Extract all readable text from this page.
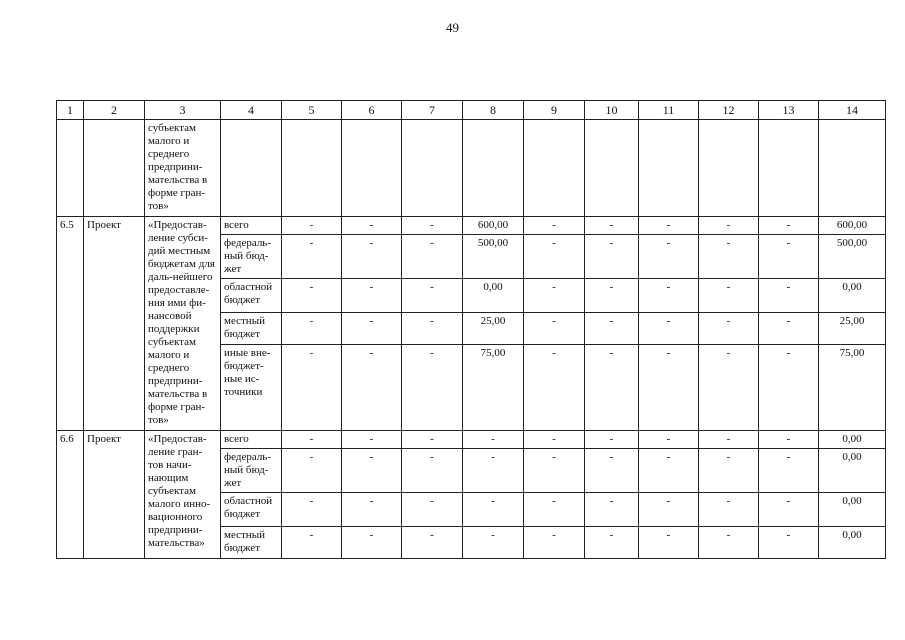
49
1	2	3	4	5	6	7	8	9	10	11	12	13	14
		субъектам малого и среднего предприни-мательства в форме гран-тов»											
6.5	Проект	«Предостав-ление субси-дий местным бюджетам для даль-нейшего предоставле-ния ими фи-нансовой поддержки субъектам малого и среднего предприни-мательства в форме гран-тов»	всего	-	-	-	600,00	-	-	-	-	-	600,00
			федераль-ный бюд-жет	-	-	-	500,00	-	-	-	-	-	500,00
			областной бюджет	-	-	-	0,00	-	-	-	-	-	0,00
			местный бюджет	-	-	-	25,00	-	-	-	-	-	25,00
			иные вне-бюджет-ные ис-точники	-	-	-	75,00	-	-	-	-	-	75,00
6.6	Проект	«Предостав-ление гран-тов начи-нающим субъектам малого инно-вационного предприни-мательства»	всего	-	-	-	-	-	-	-	-	-	0,00
			федераль-ный бюд-жет	-	-	-	-	-	-	-	-	-	0,00
			областной бюджет	-	-	-	-	-	-	-	-	-	0,00
			местный бюджет	-	-	-	-	-	-	-	-	-	0,00
